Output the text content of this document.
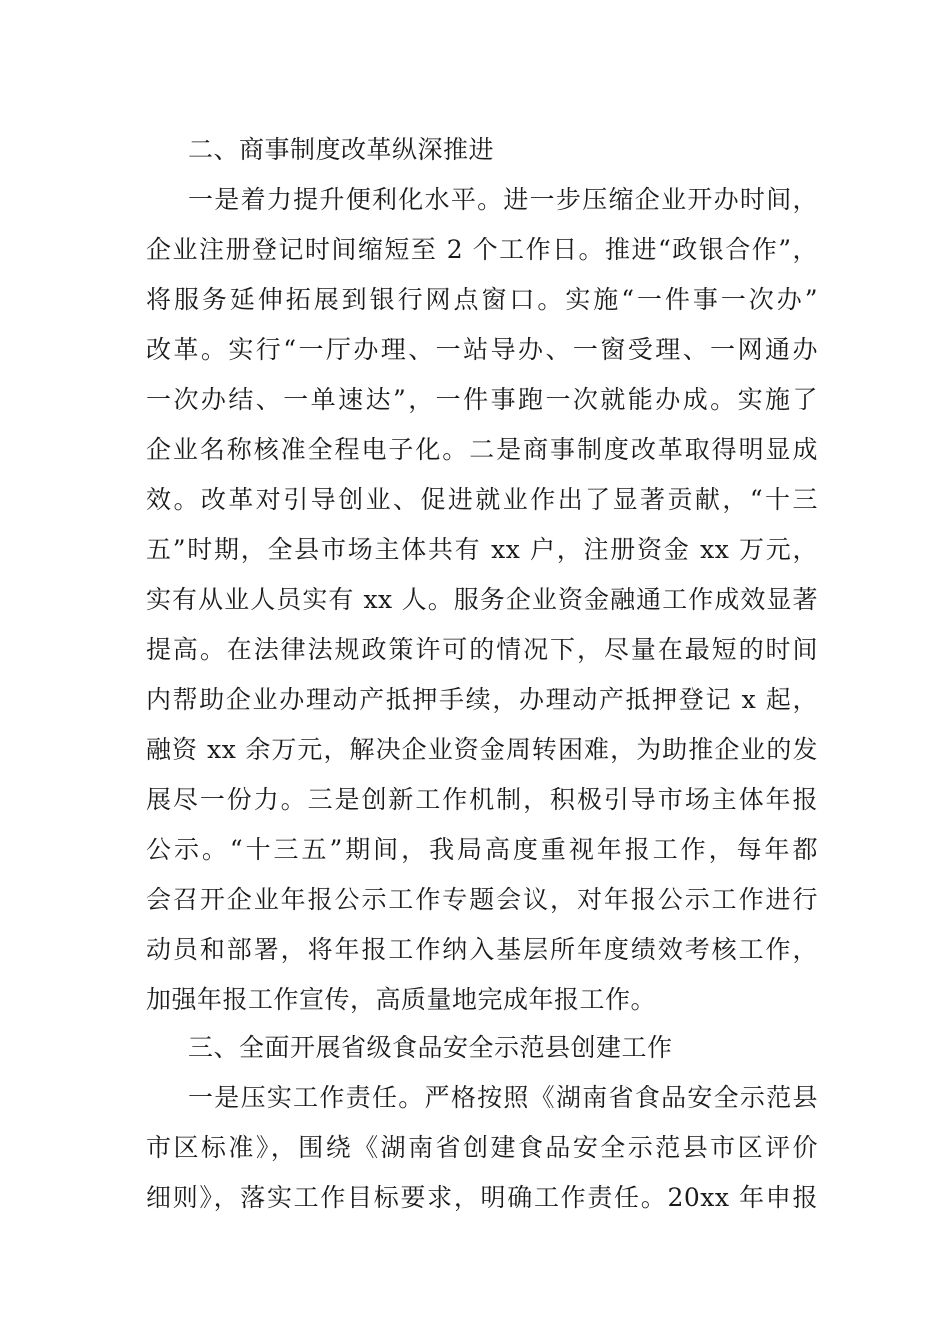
二、商事制度改革纵深推进
一是着力提升便利化水平。进一步压缩企业开办时间，
企业注册登记时间缩短至 2 个工作日。推进“政银合作”，
将服务延伸拓展到银行网点窗口。实施“一件事一次办”
改革。实行“一厅办理、一站导办、一窗受理、一网通办
一次办结、一单速达”，一件事跑一次就能办成。实施了
企业名称核准全程电子化。二是商事制度改革取得明显成
效。改革对引导创业、促进就业作出了显著贡献，“十三
五”时期，全县市场主体共有 xx 户，注册资金 xx 万元，
实有从业人员实有 xx 人。服务企业资金融通工作成效显著
提高。在法律法规政策许可的情况下，尽量在最短的时间
内帮助企业办理动产抵押手续，办理动产抵押登记 x 起，
融资 xx 余万元，解决企业资金周转困难，为助推企业的发
展尽一份力。三是创新工作机制，积极引导市场主体年报
公示。“十三五”期间，我局高度重视年报工作，每年都
会召开企业年报公示工作专题会议，对年报公示工作进行
动员和部署，将年报工作纳入基层所年度绩效考核工作，
加强年报工作宣传，高质量地完成年报工作。
三、全面开展省级食品安全示范县创建工作
一是压实工作责任。严格按照《湖南省食品安全示范县
市区标准》，围绕《湖南省创建食品安全示范县市区评价
细则》，落实工作目标要求，明确工作责任。20xx 年申报
